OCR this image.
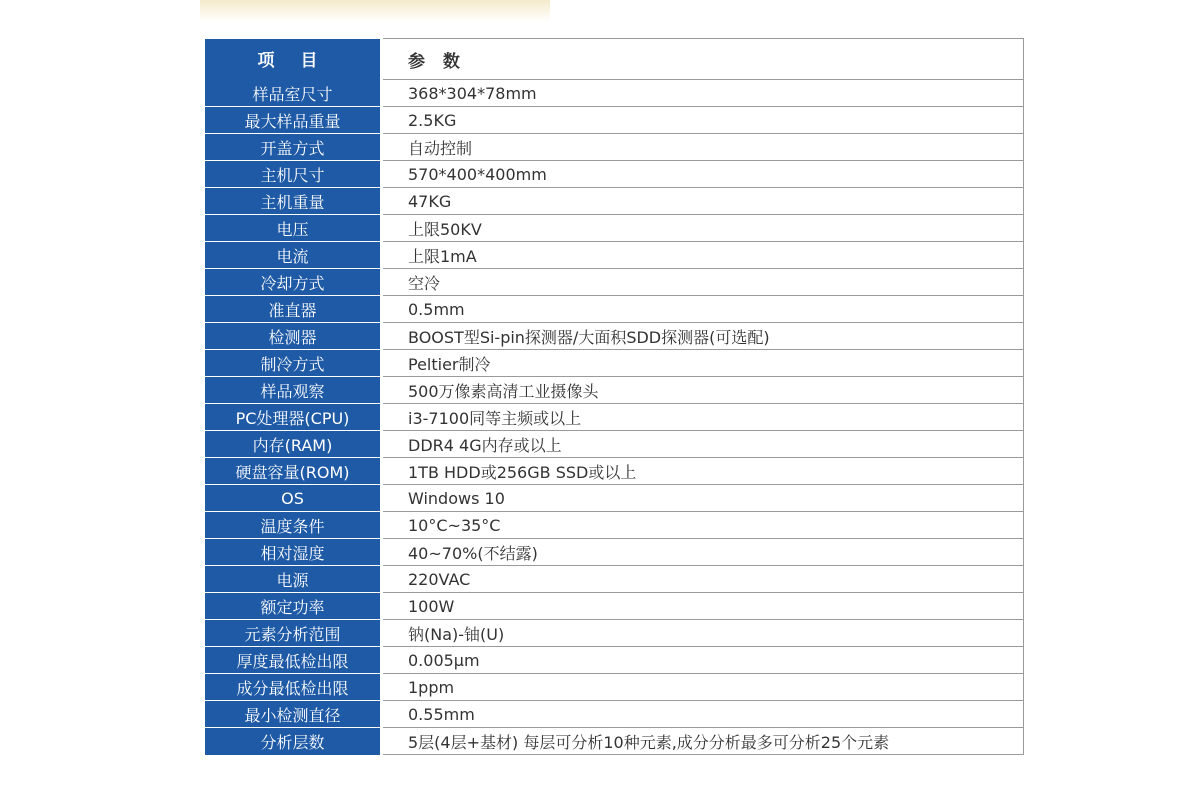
项 目		参 数
样品室尺寸		368*304*78mm
最大样品重量		2.5KG
开盖方式		自动控制
主机尺寸		570*400*400mm
主机重量		47KG
电压		上限50KV
电流		上限1mA
冷却方式		空冷
准直器		0.5mm
检测器		BOOST型Si-pin探测器/大面积SDD探测器(可选配)
制冷方式		Peltier制冷
样品观察		500万像素高清工业摄像头
PC处理器(CPU)		i3-7100同等主频或以上
内存(RAM)		DDR4 4G内存或以上
硬盘容量(ROM)		1TB HDD或256GB SSD或以上
OS		Windows 10
温度条件		10°C~35°C
相对湿度		40~70%(不结露)
电源		220VAC
额定功率		100W
元素分析范围		钠(Na)-铀(U)
厚度最低检出限		0.005μm
成分最低检出限		1ppm
最小检测直径		0.55mm
分析层数		5层(4层+基材) 每层可分析10种元素,成分分析最多可分析25个元素
